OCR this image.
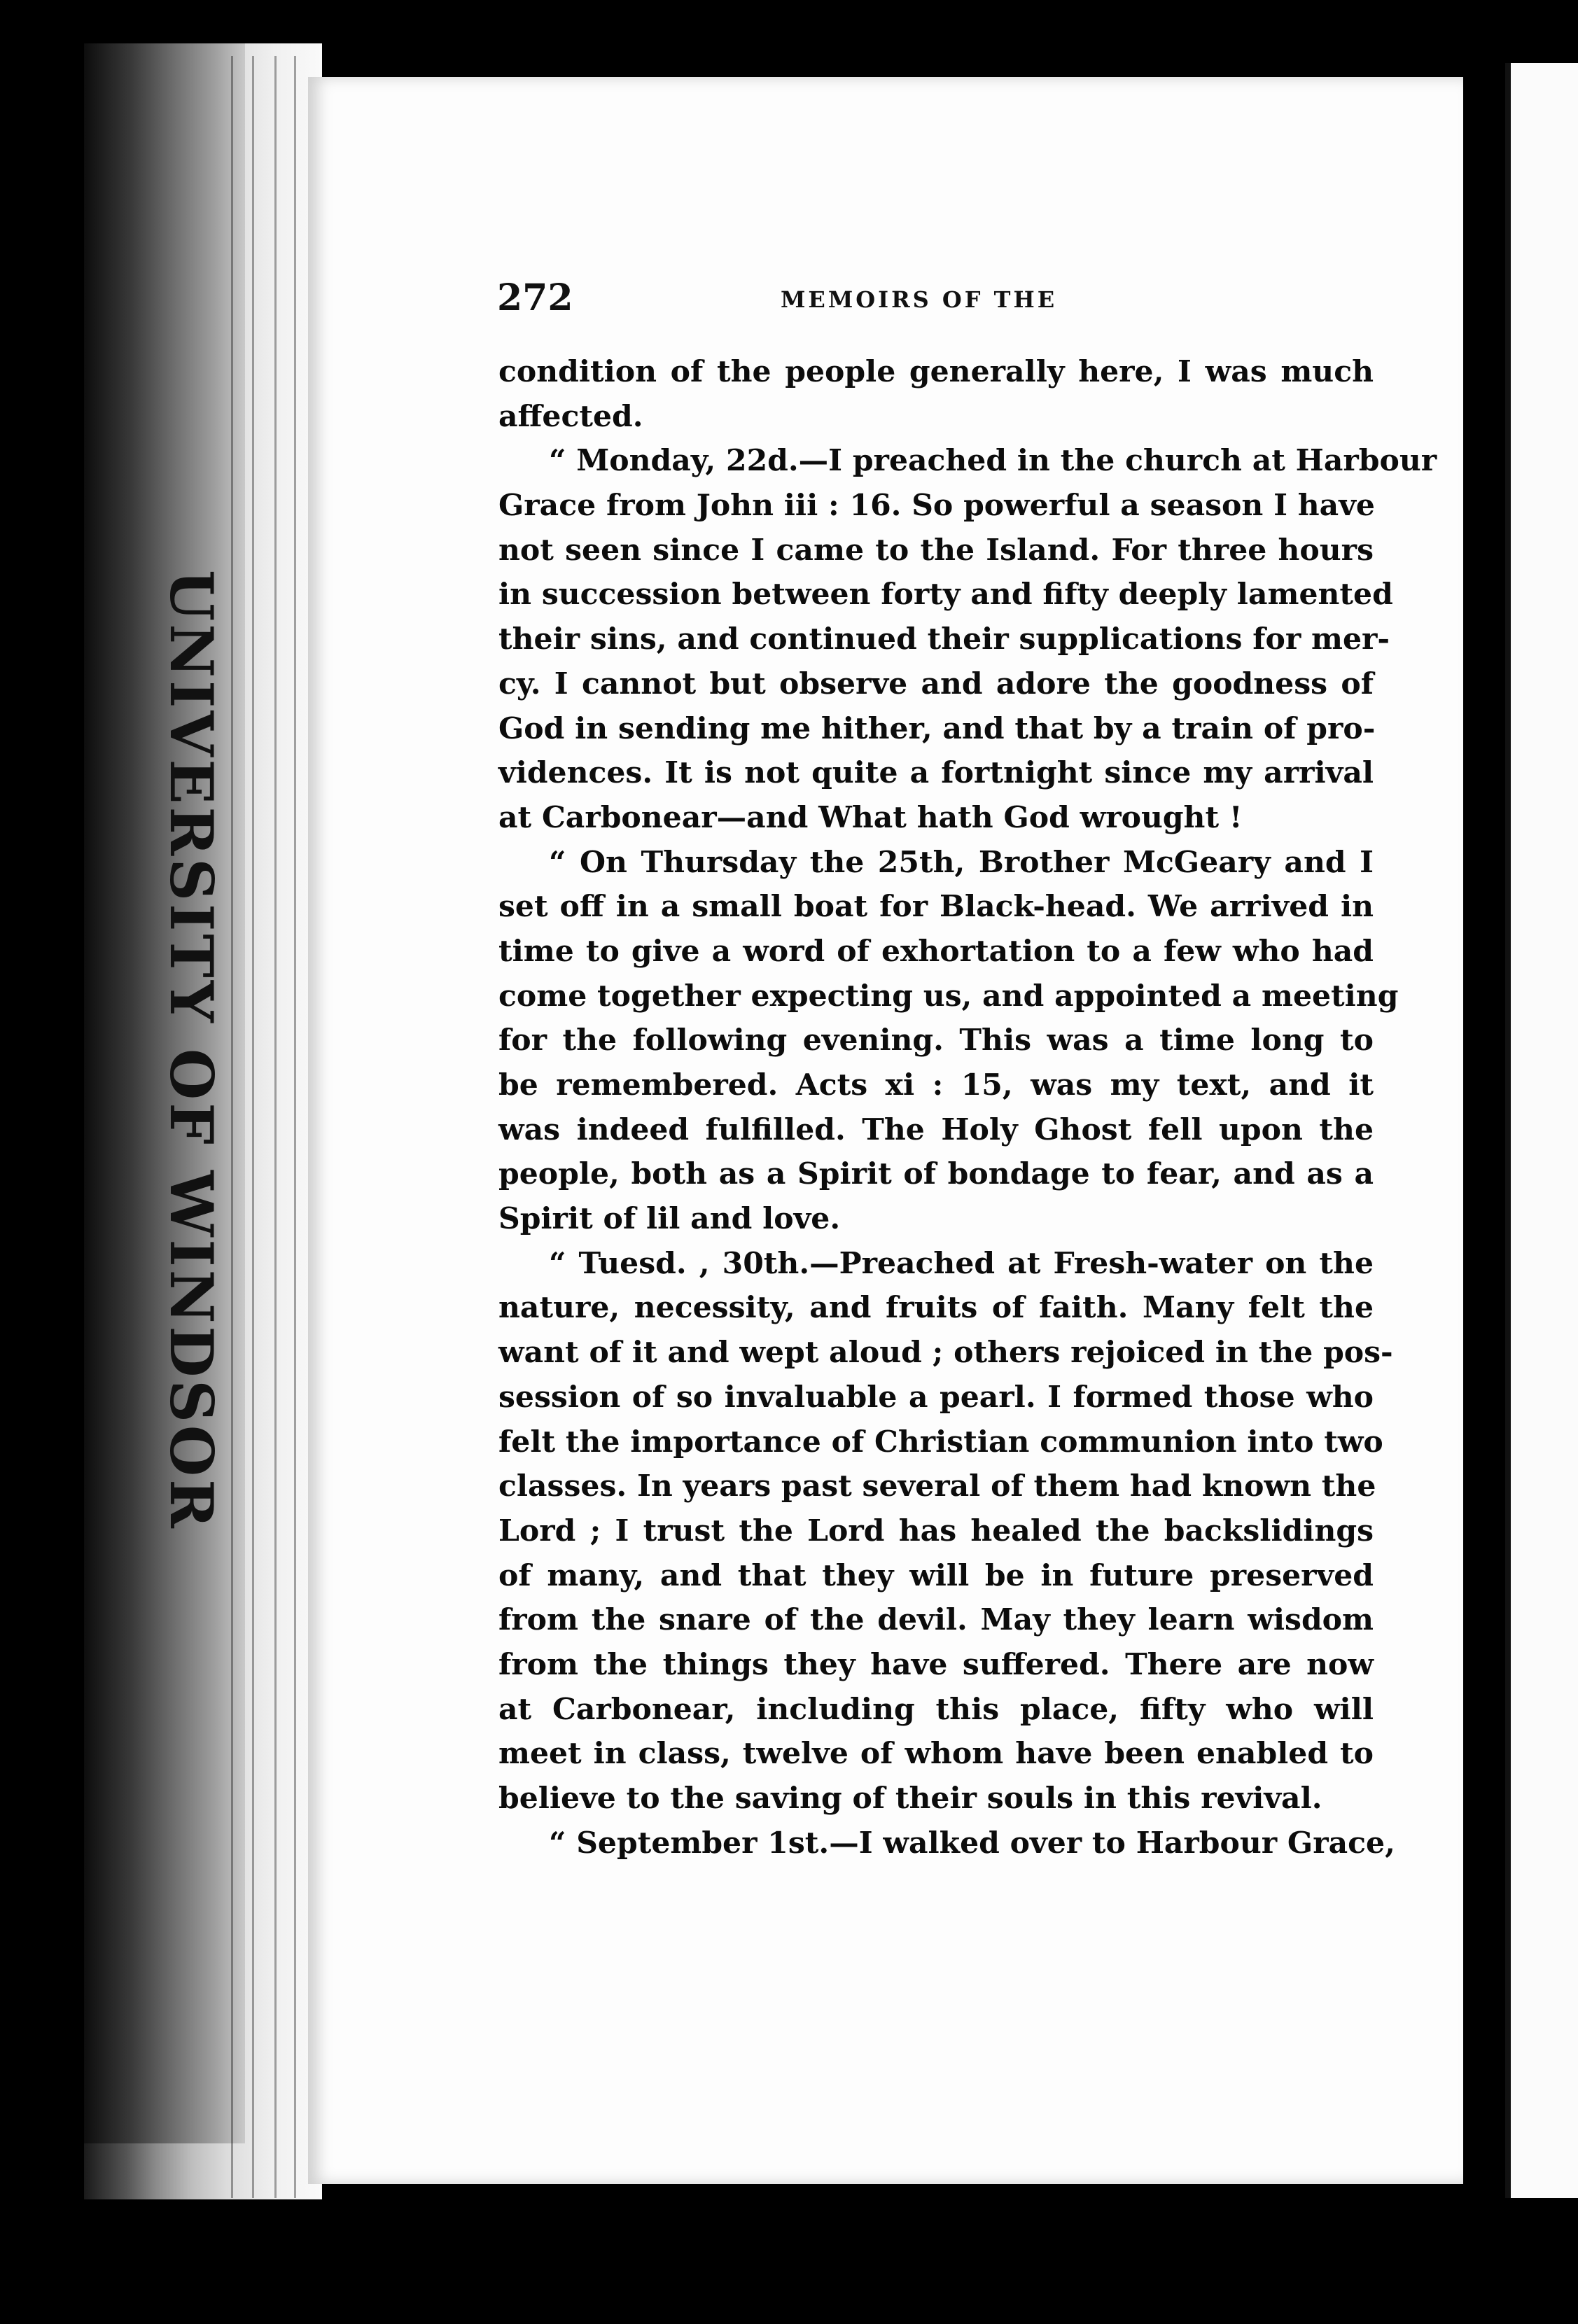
UNIVERSITY OF WINDSOR
272	MEMOIRS OF THE
condition of the people generally here, I was much
affected.
“ Monday, 22d.—I preached in the church at Harbour
Grace from John iii : 16. So powerful a season I have
not seen since I came to the Island. For three hours
in succession between forty and fifty deeply lamented
their sins, and continued their supplications for mer-
cy. I cannot but observe and adore the goodness of
God in sending me hither, and that by a train of pro-
vidences. It is not quite a fortnight since my arrival
at Carbonear—and What hath God wrought !
“ On Thursday the 25th, Brother McGeary and I
set off in a small boat for Black-head. We arrived in
time to give a word of exhortation to a few who had
come together expecting us, and appointed a meeting
for the following evening. This was a time long to
be remembered. Acts xi : 15, was my text, and it
was indeed fulfilled. The Holy Ghost fell upon the
people, both as a Spirit of bondage to fear, and as a
Spirit of lil and love.
“ Tuesd. , 30th.—Preached at Fresh-water on the
nature, necessity, and fruits of faith. Many felt the
want of it and wept aloud ; others rejoiced in the pos-
session of so invaluable a pearl. I formed those who
felt the importance of Christian communion into two
classes. In years past several of them had known the
Lord ; I trust the Lord has healed the backslidings
of many, and that they will be in future preserved
from the snare of the devil. May they learn wisdom
from the things they have suffered. There are now
at Carbonear, including this place, fifty who will
meet in class, twelve of whom have been enabled to
believe to the saving of their souls in this revival.
“ September 1st.—I walked over to Harbour Grace,
